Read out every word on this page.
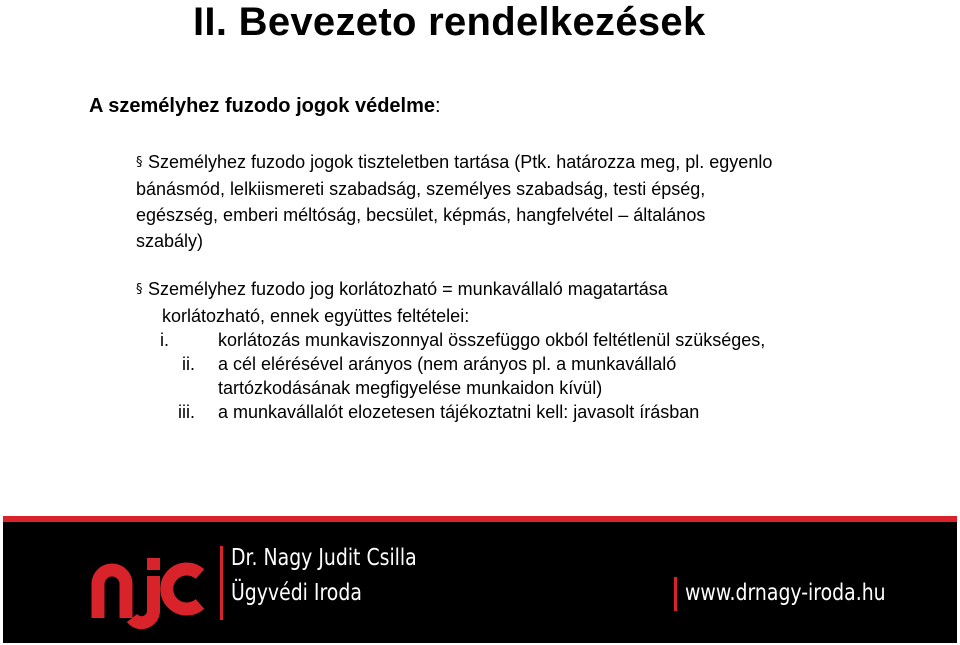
II. Bevezeto rendelkezések
A személyhez fuzodo jogok védelme:
§ Személyhez fuzodo jogok tiszteletben tartása (Ptk. határozza meg, pl. egyenlo
bánásmód, lelkiismereti szabadság, személyes szabadság, testi épség,
egészség, emberi méltóság, becsület, képmás, hangfelvétel – általános
szabály)
§ Személyhez fuzodo jog korlátozható = munkavállaló magatartása
korlátozható, ennek együttes feltételei:
i.	korlátozás munkaviszonnyal összefüggo okból feltétlenül szükséges,
ii.	a cél elérésével arányos (nem arányos pl. a munkavállaló
tartózkodásának megfigyelése munkaidon kívül)
iii.	a munkavállalót elozetesen tájékoztatni kell: javasolt írásban
Dr. Nagy Judit Csilla
Ügyvédi Iroda	www.drnagy-iroda.hu
